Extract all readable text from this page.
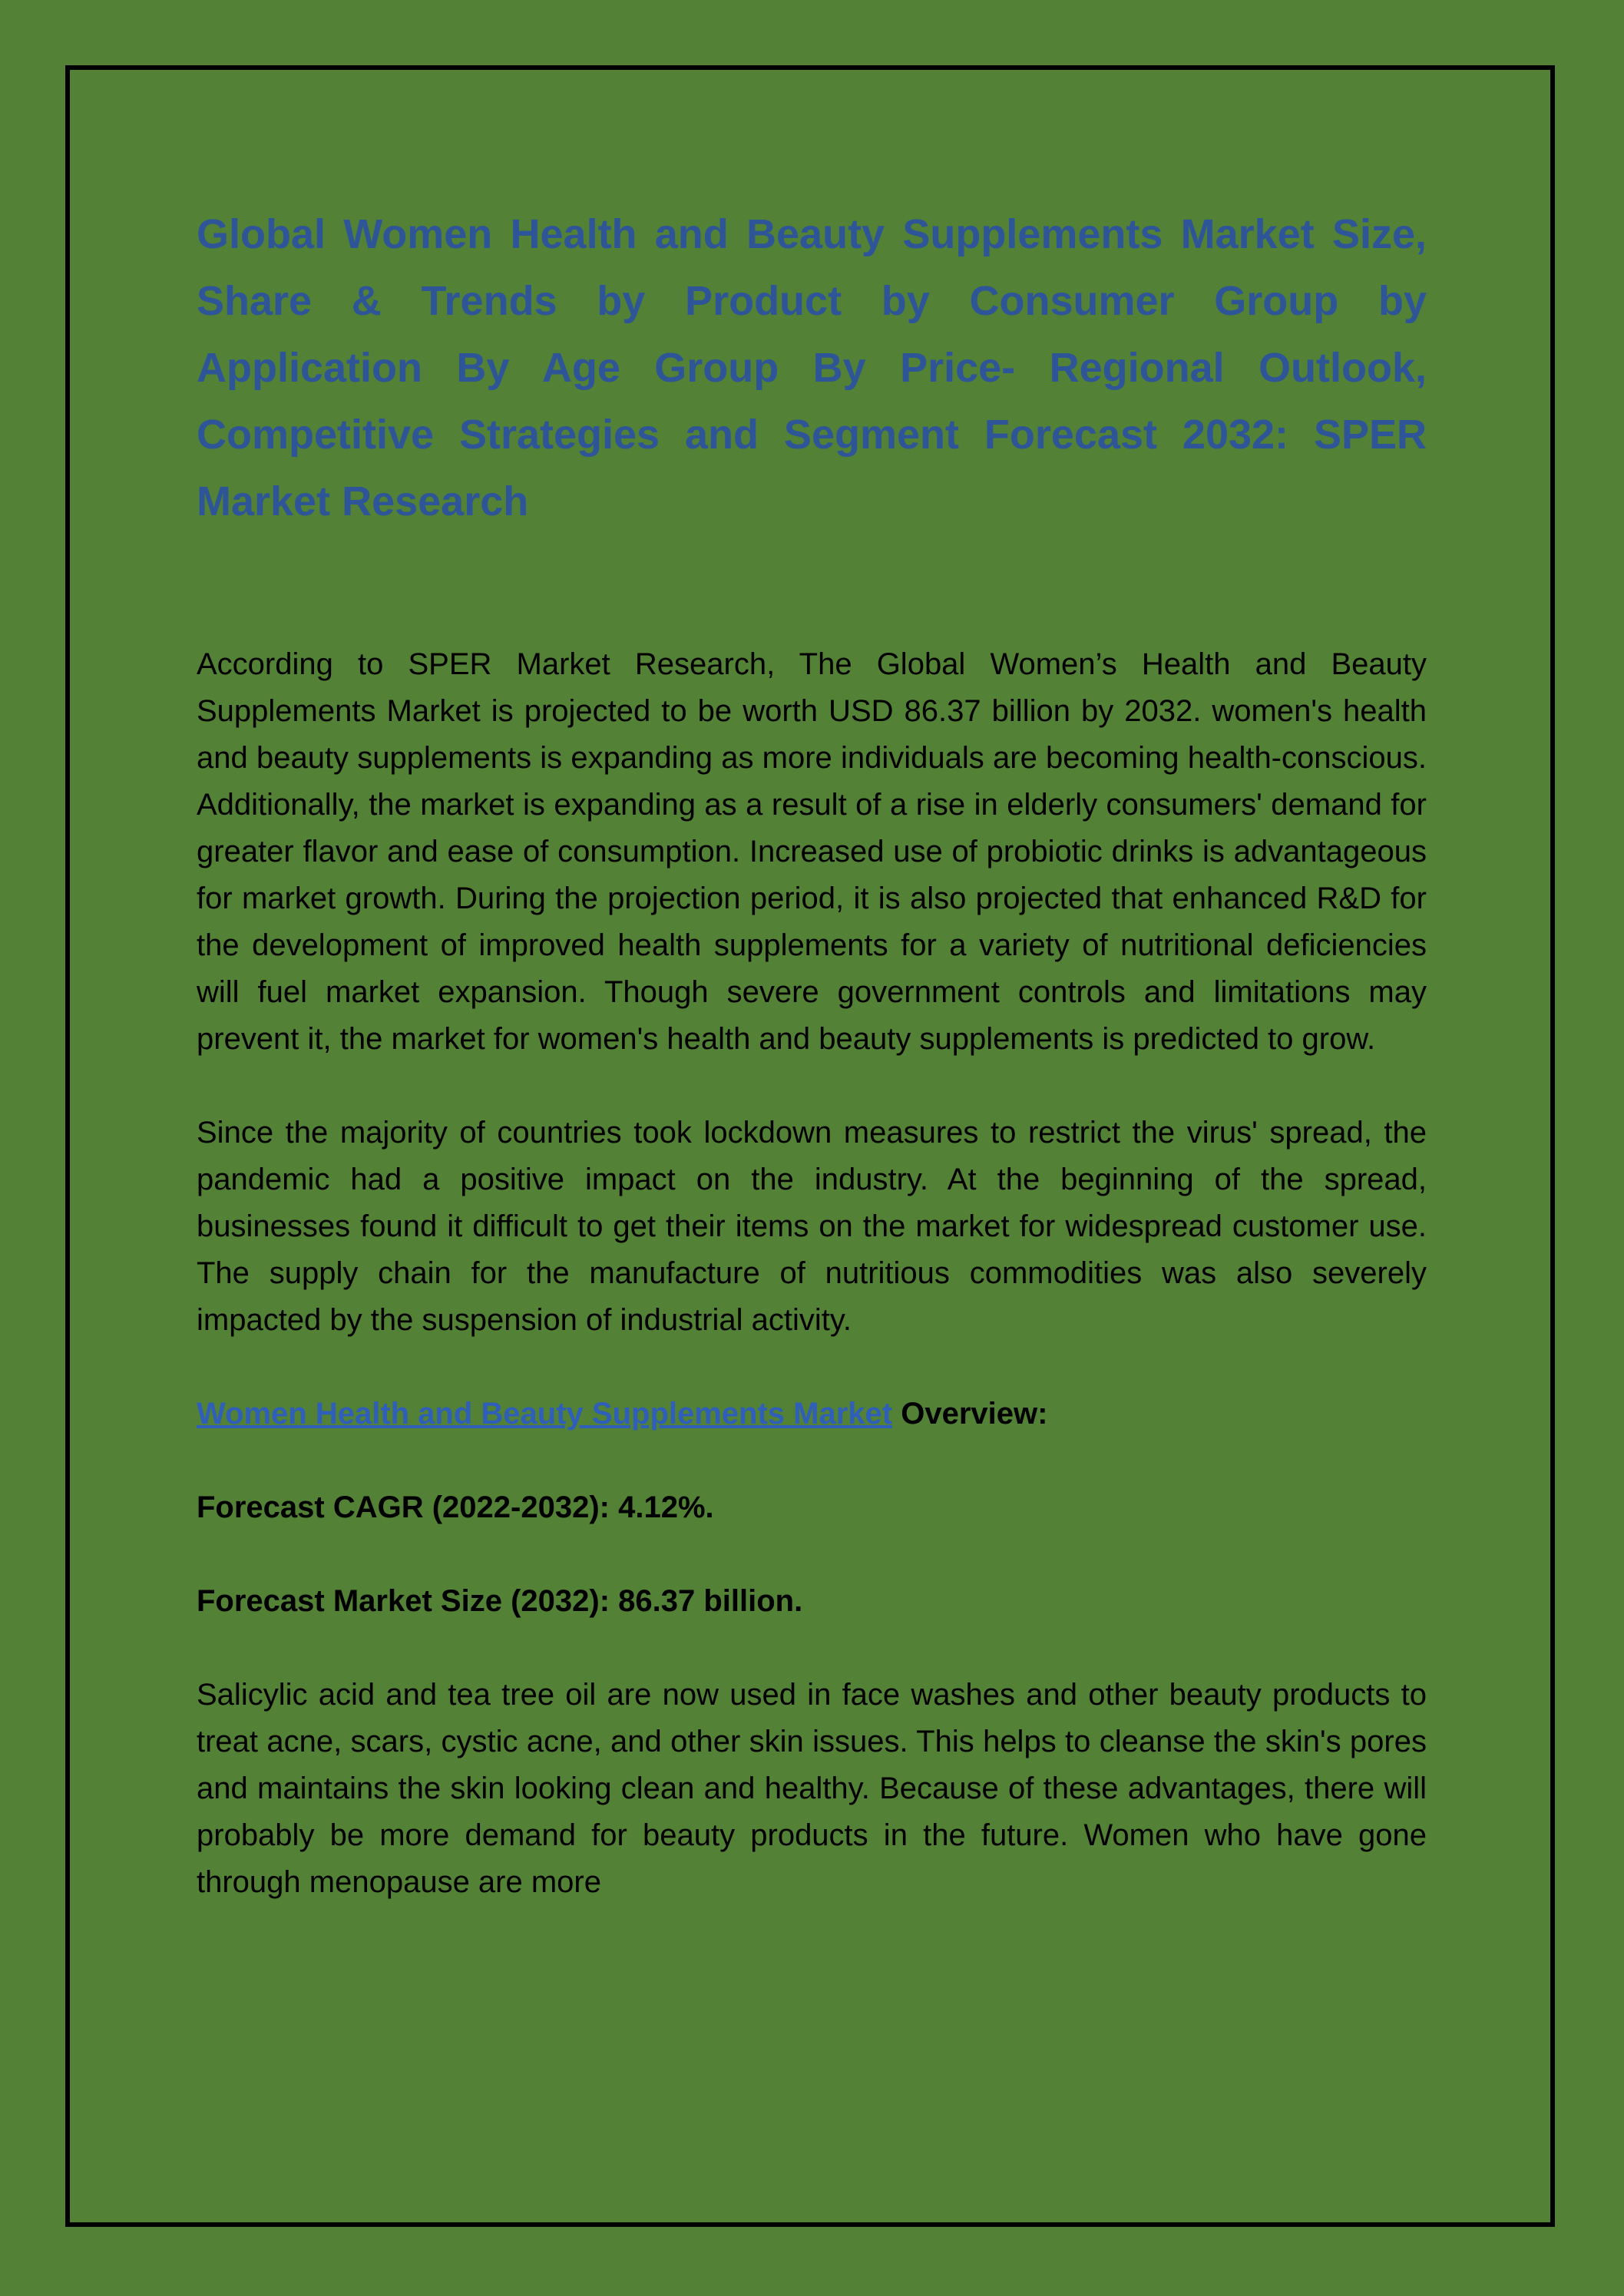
Global Women Health and Beauty Supplements Market Size, Share & Trends by Product by Consumer Group by Application By Age Group By Price- Regional Outlook, Competitive Strategies and Segment Forecast 2032: SPER Market Research

According to SPER Market Research, The Global Women’s Health and Beauty Supplements Market is projected to be worth USD 86.37 billion by 2032. women's health and beauty supplements is expanding as more individuals are becoming health-conscious. Additionally, the market is expanding as a result of a rise in elderly consumers' demand for greater flavor and ease of consumption. Increased use of probiotic drinks is advantageous for market growth. During the projection period, it is also projected that enhanced R&D for the development of improved health supplements for a variety of nutritional deficiencies will fuel market expansion. Though severe government controls and limitations may prevent it, the market for women's health and beauty supplements is predicted to grow.

Since the majority of countries took lockdown measures to restrict the virus' spread, the pandemic had a positive impact on the industry. At the beginning of the spread, businesses found it difficult to get their items on the market for widespread customer use. The supply chain for the manufacture of nutritious commodities was also severely impacted by the suspension of industrial activity.

Women Health and Beauty Supplements Market Overview:

Forecast CAGR (2022-2032): 4.12%.

Forecast Market Size (2032): 86.37 billion.

Salicylic acid and tea tree oil are now used in face washes and other beauty products to treat acne, scars, cystic acne, and other skin issues. This helps to cleanse the skin's pores and maintains the skin looking clean and healthy. Because of these advantages, there will probably be more demand for beauty products in the future. Women who have gone through menopause are more
